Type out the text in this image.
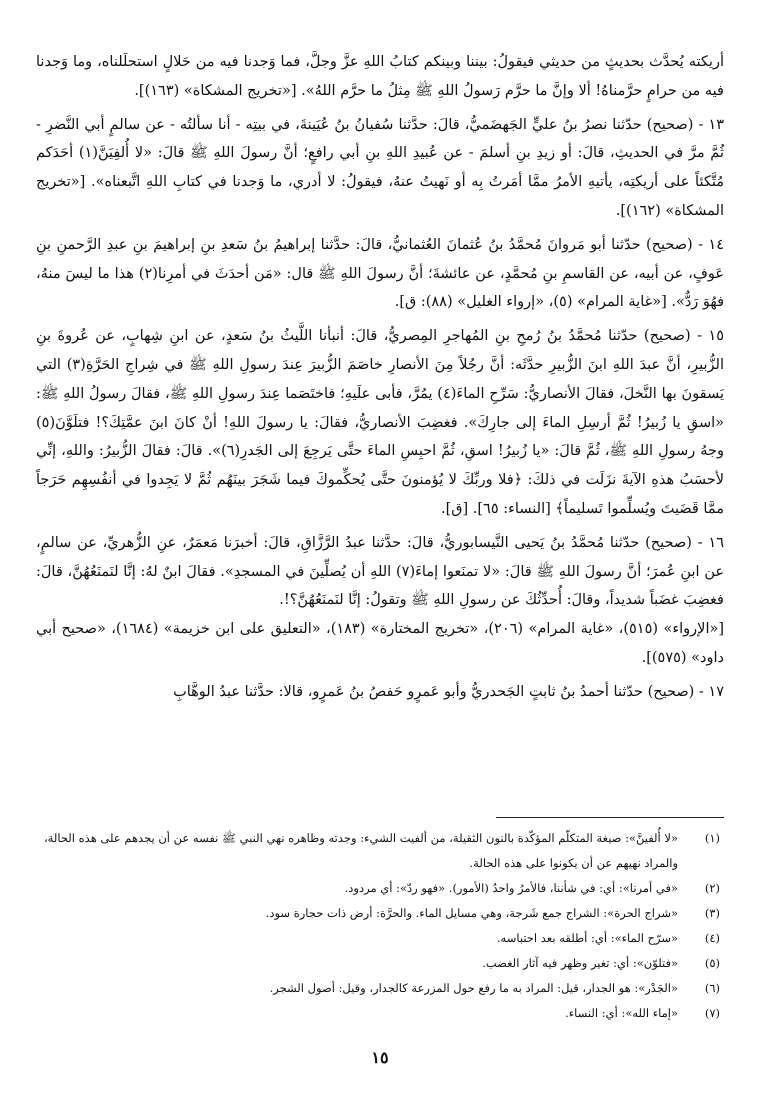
أريكته يُحدَّث بحديثٍ من حديثي فيقولُ: بيننا وبينكم كتابُ اللهِ عزَّ وجلَّ، فما وَجدنا فيه من حَلالٍ استحلَلناه، وما وَجدنا فيه من حرامٍ حرَّمناهُ! ألا وإنَّ ما حرَّم رَسولُ اللهِ ﷺ مِثلُ ما حرَّم اللهُ». [«تخريج المشكاة» (١٦٣)].

١٣ - (صحيح) حدّثنا نصرُ بنُ عليٍّ الجَهضَميُّ، قالَ: حدَّثنا سُفيانُ بنُ عُيَينةَ، في بيتِه - أنا سألتُه - عن سالمٍ أبي النَّضرِ - ثُمَّ مرَّ في الحديثِ، قالَ: أو زيدِ بنِ أسلمَ - عن عُبيدِ اللهِ بنِ أبي رافعٍ؛ أنَّ رسولَ اللهِ ﷺ قالَ: «لا أُلفِيَنَّ(١) أحَدَكم مُتَّكئاً على أريكتِه، يأتيهِ الأمرُ ممَّا أمَرتُ بِه أو نَهيتُ عنهُ، فيقولُ: لا أدري، ما وَجدنا في كتابِ اللهِ اتَّبعناه». [«تخريج المشكاة» (١٦٢)].

١٤ - (صحيح) حدّثنا أبو مَروانَ مُحمَّدُ بنُ عُثمانَ العُثمانيُّ، قالَ: حدَّثنا إبراهيمُ بنُ سَعدِ بنِ إبراهيمَ بنِ عبدِ الرَّحمنِ بنِ عَوفٍ، عن أبيه، عن القاسمِ بنِ مُحمَّدٍ، عن عائشةَ؛ أنَّ رسولَ اللهِ ﷺ قال: «مَن أحدَثَ في أمرِنا(٢) هذا ما ليسَ منهُ، فهُوَ رَدٌّ». [«غاية المرام» (٥)، «إرواء الغليل» (٨٨): ق].

١٥ - (صحيح) حدّثنا مُحمَّدُ بنُ رُمحِ بنِ المُهاجرِ المِصريُّ، قالَ: أنبأنا اللَّيثُ بنُ سَعدٍ، عن ابنِ شِهابٍ، عن عُروةَ بنِ الزُّبيرِ، أنَّ عبدَ اللهِ ابنَ الزُّبيرِ حدَّثَه: أنَّ رجُلاً مِنَ الأنصارِ خاصَمَ الزُّبيرَ عِندَ رسولِ اللهِ ﷺ في شِراجِ الحَرَّةِ(٣) التي يَسقونَ بها النَّخلَ، فقالَ الأنصاريُّ: سَرِّحِ الماءَ(٤) يمُرَّ، فأبى علَيهِ؛ فاختَصَما عِندَ رسولِ اللهِ ﷺ، فقالَ رسولُ اللهِ ﷺ: «اسقِ يا زُبيرُ! ثُمَّ أرسِلِ الماءَ إلى جارِكَ». فغضِبَ الأنصاريُّ، فقالَ: يا رسولَ اللهِ! أنْ كانَ ابنَ عمَّتِكَ؟! فتلَوَّنَ(٥) وجهُ رسولِ اللهِ ﷺ، ثُمَّ قالَ: «يا زُبيرُ! اسقِ، ثُمَّ احبِسِ الماءَ حتَّى يَرجِعَ إلى الجَدرِ(٦)». قالَ: فقالَ الزُّبيرُ: واللهِ، إنِّي لأحسَبُ هذهِ الآيةَ نزَلَت في ذلكَ: ﴿فلا وربِّكَ لا يُؤمنونَ حتَّى يُحكِّموكَ فيما شَجَرَ بينَهُم ثُمَّ لا يَجِدوا في أنفُسِهِم حَرَجاً ممَّا قَضَيتَ ويُسلِّموا تَسليماً﴾ [النساء: ٦٥]. [ق].

١٦ - (صحيح) حدّثنا مُحمَّدُ بنُ يَحيى النَّيسابوريُّ، قالَ: حدَّثنا عبدُ الرَّزَّاقِ، قالَ: أخبرَنا مَعمَرٌ، عنِ الزُّهريِّ، عن سالمٍ، عن ابنِ عُمرَ؛ أنَّ رسولَ اللهِ ﷺ قالَ: «لا تمنَعوا إماءَ(٧) اللهِ أن يُصلِّينَ في المسجدِ». فقالَ ابنٌ لهُ: إنَّا لنَمنَعُهُنَّ، قالَ: فغضِبَ غضَباً شديداً، وقالَ: أُحدِّثُكَ عن رسولِ اللهِ ﷺ وتقولُ: إنَّا لنَمنَعُهُنَّ؟!.

[«الإرواء» (٥١٥)، «غاية المرام» (٢٠٦)، «تخريج المختارة» (١٨٣)، «التعليق على ابن خزيمة» (١٦٨٤)، «صحيح أبي داود» (٥٧٥)].

١٧ - (صحيح) حدّثنا أحمدُ بنُ ثابتٍ الجَحدريُّ وأبو عَمرٍو حَفصُ بنُ عَمرٍو، قالا: حدَّثنا عبدُ الوهَّابِ

(١)
«لا أُلفينَّ»: صيغة المتكلّم المؤكّدة بالنون الثقيلة، من ألفيت الشيء: وجدته وظاهره نهي النبي ﷺ نفسه عن أن يجدهم على هذه الحالة، والمراد نهيهم عن أن يكونوا على هذه الحالة.
(٢)
«في أمرنا»: أي: في شأننا، فالأمرُ واحدُ (الأمور). «فهو ردّ»: أي مردود.
(٣)
«شراج الحرة»: الشراج جمع شَرجة، وهي مسايل الماء. والحرَّة: أرض ذات حجارة سود.
(٤)
«سرّح الماء»: أي: أطلقه بعد احتباسه.
(٥)
«فتلوّن»: أي: تغير وظهر فيه آثار الغضب.
(٦)
«الجَدْر»: هو الجدار، قيل: المراد به ما رفع حول المزرعة كالجدار، وقيل: أصول الشجر.
(٧)
«إماء الله»: أي: النساء.
١٥
